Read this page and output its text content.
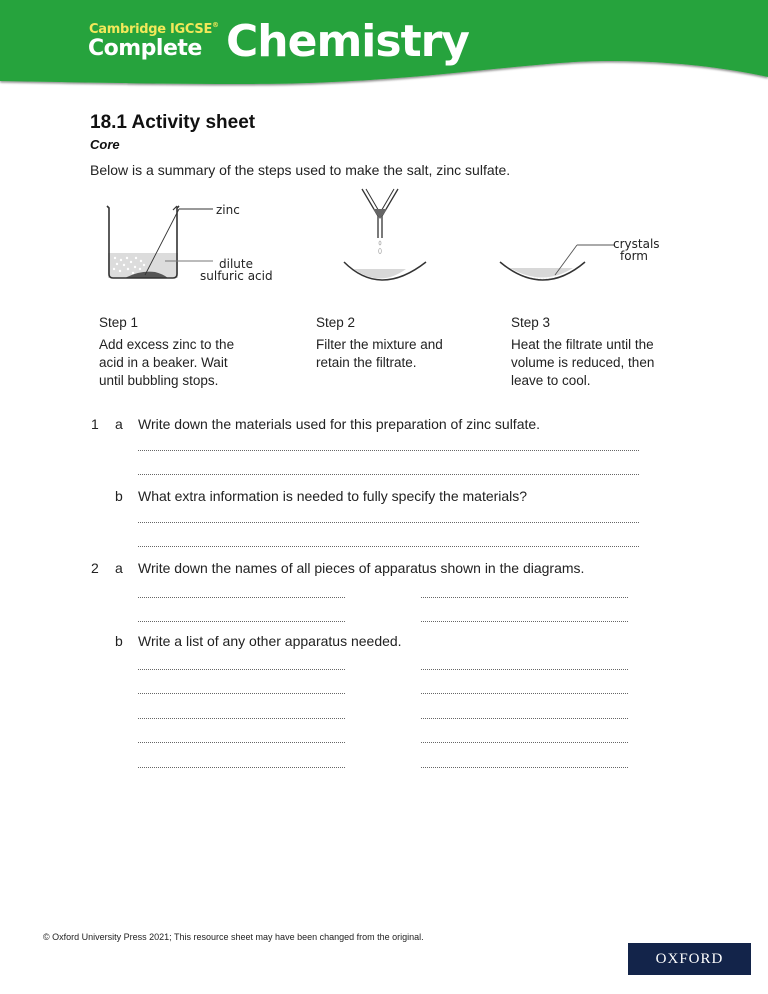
Cambridge IGCSE®
Complete Chemistry
18.1 Activity sheet
Core
Below is a summary of the steps used to make the salt, zinc sulfate.
zinc
dilute
sulfuric acid
crystals
form
Step 1
Add excess zinc to the
acid in a beaker. Wait
until bubbling stops.
Step 2
Filter the mixture and
retain the filtrate.
Step 3
Heat the filtrate until the
volume is reduced, then
leave to cool.
1 a Write down the materials used for this preparation of zinc sulfate.
b What extra information is needed to fully specify the materials?
2 a Write down the names of all pieces of apparatus shown in the diagrams.
b Write a list of any other apparatus needed.
© Oxford University Press 2021; This resource sheet may have been changed from the original.
OXFORD
